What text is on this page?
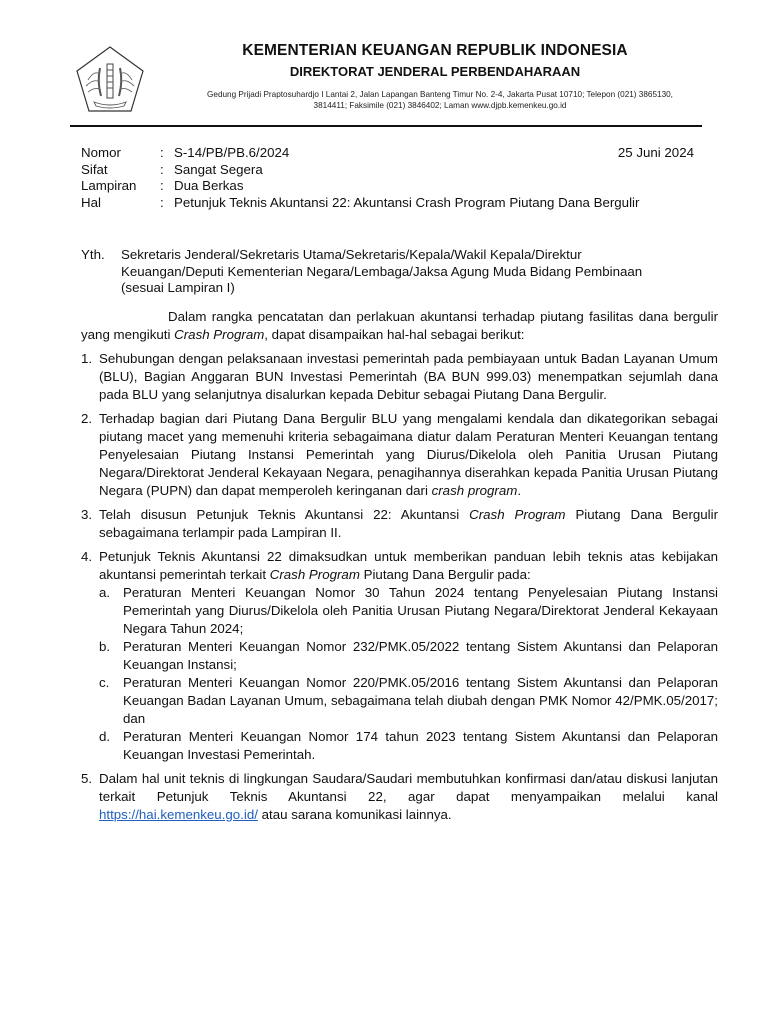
KEMENTERIAN KEUANGAN REPUBLIK INDONESIA
DIREKTORAT JENDERAL PERBENDAHARAAN
Gedung Prijadi Praptosuhardjo I Lantai 2, Jalan Lapangan Banteng Timur No. 2-4, Jakarta Pusat 10710; Telepon (021) 3865130,
3814411; Faksimile (021) 3846402; Laman www.djpb.kemenkeu.go.id
Nomor	: S-14/PB/PB.6/2024
Sifat	: Sangat Segera
Lampiran	: Dua Berkas
Hal	: Petunjuk Teknis Akuntansi 22: Akuntansi Crash Program Piutang Dana Bergulir
25 Juni 2024
Yth.	Sekretaris Jenderal/Sekretaris Utama/Sekretaris/Kepala/Wakil Kepala/Direktur Keuangan/Deputi Kementerian Negara/Lembaga/Jaksa Agung Muda Bidang Pembinaan (sesuai Lampiran I)

Dalam rangka pencatatan dan perlakuan akuntansi terhadap piutang fasilitas dana bergulir yang mengikuti Crash Program, dapat disampaikan hal-hal sebagai berikut:

1. Sehubungan dengan pelaksanaan investasi pemerintah pada pembiayaan untuk Badan Layanan Umum (BLU), Bagian Anggaran BUN Investasi Pemerintah (BA BUN 999.03) menempatkan sejumlah dana pada BLU yang selanjutnya disalurkan kepada Debitur sebagai Piutang Dana Bergulir.
2. Terhadap bagian dari Piutang Dana Bergulir BLU yang mengalami kendala dan dikategorikan sebagai piutang macet yang memenuhi kriteria sebagaimana diatur dalam Peraturan Menteri Keuangan tentang Penyelesaian Piutang Instansi Pemerintah yang Diurus/Dikelola oleh Panitia Urusan Piutang Negara/Direktorat Jenderal Kekayaan Negara, penagihannya diserahkan kepada Panitia Urusan Piutang Negara (PUPN) dan dapat memperoleh keringanan dari crash program.
3. Telah disusun Petunjuk Teknis Akuntansi 22: Akuntansi Crash Program Piutang Dana Bergulir sebagaimana terlampir pada Lampiran II.
4. Petunjuk Teknis Akuntansi 22 dimaksudkan untuk memberikan panduan lebih teknis atas kebijakan akuntansi pemerintah terkait Crash Program Piutang Dana Bergulir pada:
a. Peraturan Menteri Keuangan Nomor 30 Tahun 2024 tentang Penyelesaian Piutang Instansi Pemerintah yang Diurus/Dikelola oleh Panitia Urusan Piutang Negara/Direktorat Jenderal Kekayaan Negara Tahun 2024;
b. Peraturan Menteri Keuangan Nomor 232/PMK.05/2022 tentang Sistem Akuntansi dan Pelaporan Keuangan Instansi;
c. Peraturan Menteri Keuangan Nomor 220/PMK.05/2016 tentang Sistem Akuntansi dan Pelaporan Keuangan Badan Layanan Umum, sebagaimana telah diubah dengan PMK Nomor 42/PMK.05/2017; dan
d. Peraturan Menteri Keuangan Nomor 174 tahun 2023 tentang Sistem Akuntansi dan Pelaporan Keuangan Investasi Pemerintah.
5. Dalam hal unit teknis di lingkungan Saudara/Saudari membutuhkan konfirmasi dan/atau diskusi lanjutan terkait Petunjuk Teknis Akuntansi 22, agar dapat menyampaikan melalui kanal https://hai.kemenkeu.go.id/ atau sarana komunikasi lainnya.
